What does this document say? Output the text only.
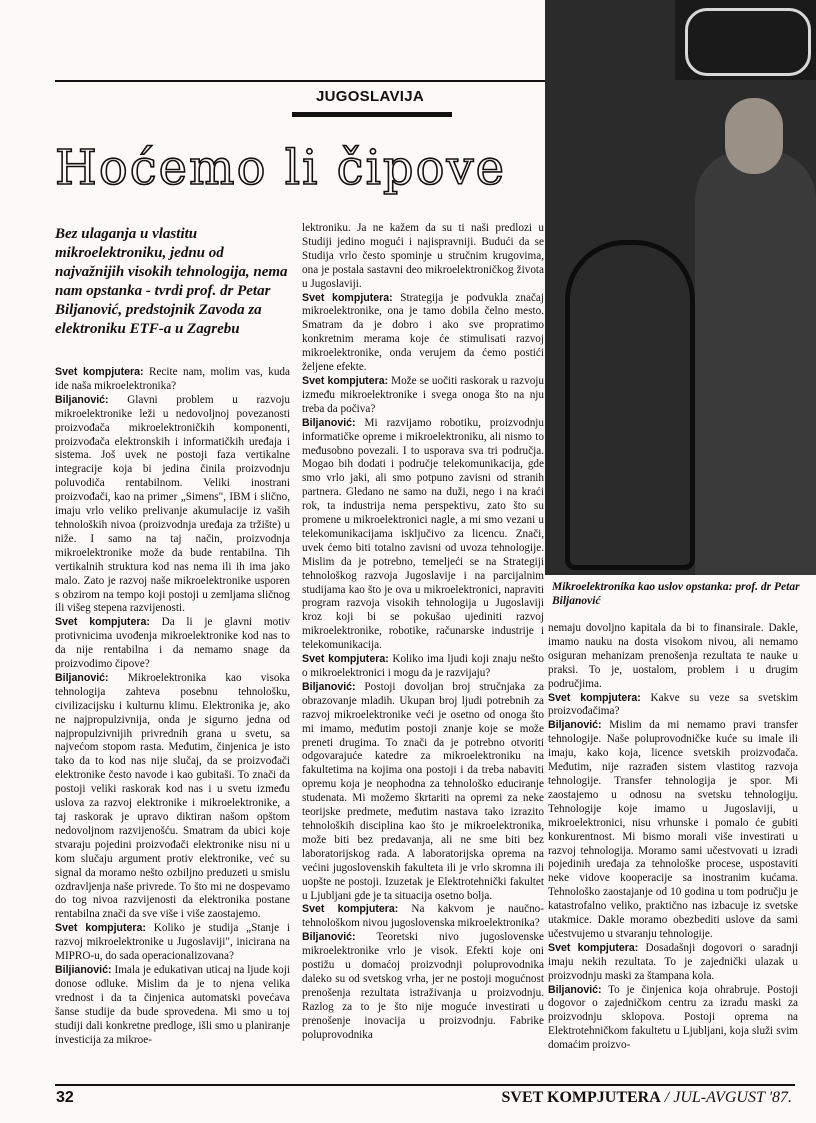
JUGOSLAVIJA
Hoćemo li čipove
Bez ulaganja u vlastitu mikroelektroniku, jednu od najvažnijih visokih tehnologija, nema nam opstanka - tvrdi prof. dr Petar Biljanović, predstojnik Zavoda za elektroniku ETF-a u Zagrebu

Svet kompjutera: Recite nam, molim vas, kuda ide naša mikroelektronika?

Biljanović: Glavni problem u razvoju mikroelektronike leži u nedovoljnoj povezanosti proizvođača mikroelektroničkih komponenti, proizvođača elektronskih i informatičkih uređaja i sistema. Još uvek ne postoji faza vertikalne integracije koja bi jedina činila proizvodnju poluvodiča rentabilnom. Veliki inostrani proizvođači, kao na primer „Simens", IBM i slično, imaju vrlo veliko prelivanje akumulacije iz vaših tehnoloških nivoa (proizvodnja uređaja za tržište) u niže. I samo na taj način, proizvodnja mikroelektronike može da bude rentabilna. Tih vertikalnih struktura kod nas nema ili ih ima jako malo. Zato je razvoj naše mikroelektronike usporen s obzirom na tempo koji postoji u zemljama sličnog ili višeg stepena razvijenosti.

Svet kompjutera: Da li je glavni motiv protivnicima uvođenja mikroelektronike kod nas to da nije rentabilna i da nemamo snage da proizvodimo čipove?

Biljanović: Mikroelektronika kao visoka tehnologija zahteva posebnu tehnološku, civilizacijsku i kulturnu klimu. Elektronika je, ako ne najpropulzivnija, onda je sigurno jedna od najpropulzivnijih privrednih grana u svetu, sa najvećom stopom rasta. Međutim, činjenica je isto tako da to kod nas nije slučaj, da se proizvođači elektronike često navode i kao gubitaši. To znači da postoji veliki raskorak kod nas i u svetu između uslova za razvoj elektronike i mikroelektronike, a taj raskorak je upravo diktiran našom opštom nedovoljnom razvijenošću. Smatram da ubici koje stvaraju pojedini proizvođači elektronike nisu ni u kom slučaju argument protiv elektronike, već su signal da moramo nešto ozbiljno preduzeti u smislu ozdravljenja naše privrede. To što mi ne dospevamo do tog nivoa razvijenosti da elektronika postane rentabilna znači da sve više i više zaostajemo.

Svet kompjutera: Koliko je studija „Stanje i razvoj mikroelektronike u Jugoslaviji", inicirana na MIPRO-u, do sada operacionalizovana?

Biljianović: Imala je edukativan uticaj na ljude koji donose odluke. Mislim da je to njena velika vrednost i da ta činjenica automatski povećava šanse studije da bude sprovedena. Mi smo u toj studiji dali konkretne predloge, išli smo u planiranje investicija za mikroe-

lektroniku. Ja ne kažem da su ti naši predlozi u Studiji jedino mogući i najispravniji. Budući da se Studija vrlo često spominje u stručnim krugovima, ona je postala sastavni deo mikroelektroničkog života u Jugoslaviji.

Svet kompjutera: Strategija je podvukla značaj mikroelektronike, ona je tamo dobila čelno mesto. Smatram da je dobro i ako sve propratimo konkretnim merama koje će stimulisati razvoj mikroelektronike, onda verujem da ćemo postići željene efekte.

Svet kompjutera: Može se uočiti raskorak u razvoju između mikroelektronike i svega onoga što na nju treba da počiva?

Biljanović: Mi razvijamo robotiku, proizvodnju informatičke opreme i mikroelektroniku, ali nismo to međusobno povezali. I to usporava sva tri područja. Mogao bih dodati i područje telekomunikacija, gde smo vrlo jaki, ali smo potpuno zavisni od stranih partnera. Gledano ne samo na duži, nego i na kraći rok, ta industrija nema perspektivu, zato što su promene u mikroelektronici nagle, a mi smo vezani u telekomunikacijama isključivo za licencu. Znači, uvek ćemo biti totalno zavisni od uvoza tehnologije. Mislim da je potrebno, temeljeći se na Strategiji tehnološkog razvoja Jugoslavije i na parcijalnim studijama kao što je ova u mikroelektronici, napraviti program razvoja visokih tehnologija u Jugoslaviji kroz koji bi se pokušao ujediniti razvoj mikroelektronike, robotike, računarske industrije i telekomunikacija.

Svet kompjutera: Koliko ima ljudi koji znaju nešto o mikroelektronici i mogu da je razvijaju?

Biljanović: Postoji dovoljan broj stručnjaka za obrazovanje mladih. Ukupan broj ljudi potrebnih za razvoj mikroelektronike veći je osetno od onoga što mi imamo, međutim postoji znanje koje se može preneti drugima. To znači da je potrebno otvoriti odgovarajuće katedre za mikroelektroniku na fakultetima na kojima ona postoji i da treba nabaviti opremu koja je neophodna za tehnološko educiranje studenata. Mi možemo škrtariti na opremi za neke teorijske predmete, međutim nastava tako izrazito tehnoloških disciplina kao što je mikroelektronika, može biti bez predavanja, ali ne sme biti bez laboratorijskog rada. A laboratorijska oprema na većini jugoslovenskih fakulteta ili je vrlo skromna ili uopšte ne postoji. Izuzetak je Elektrotehnički fakultet u Ljubljani gde je ta situacija osetno bolja.

Svet kompjutera: Na kakvom je naučno-tehnološkom nivou jugoslovenska mikroelektronika?

Biljanović: Teoretski nivo jugoslovenske mikroelektronike vrlo je visok. Efekti koje oni postižu u domaćoj proizvodnji poluprovodnika daleko su od svetskog vrha, jer ne postoji mogućnost prenošenja rezultata istraživanja u proizvodnju. Razlog za to je što nije moguće investirati u prenošenje inovacija u proizvodnju. Fabrike poluprovodnika

nemaju dovoljno kapitala da bi to finansirale. Dakle, imamo nauku na dosta visokom nivou, ali nemamo osiguran mehanizam prenošenja rezultata te nauke u praksi. To je, uostalom, problem i u drugim područjima.

Svet kompjutera: Kakve su veze sa svetskim proizvođačima?

Biljanović: Mislim da mi nemamo pravi transfer tehnologije. Naše poluprovodničke kuće su imale ili imaju, kako koja, licence svetskih proizvođača. Međutim, nije razrađen sistem vlastitog razvoja tehnologije. Transfer tehnologija je spor. Mi zaostajemo u odnosu na svetsku tehnologiju. Tehnologije koje imamo u Jugoslaviji, u mikroelektronici, nisu vrhunske i pomalo će gubiti konkurentnost. Mi bismo morali više investirati u razvoj tehnologija. Moramo sami učestvovati u izradi pojedinih uređaja za tehnološke procese, uspostaviti neke vidove kooperacije sa inostranim kućama. Tehnološko zaostajanje od 10 godina u tom području je katastrofalno veliko, praktično nas izbacuje iz svetske utakmice. Dakle moramo obezbediti uslove da sami učestvujemo u stvaranju tehnologije.

Svet kompjutera: Dosadašnji dogovori o saradnji imaju nekih rezultata. To je zajednički ulazak u proizvodnju maski za štampana kola.

Biljanović: To je činjenica koja ohrabruje. Postoji dogovor o zajedničkom centru za izradu maski za proizvodnju sklopova. Postoji oprema na Elektrotehničkom fakultetu u Ljubljani, koja služi svim domaćim proizvo-

Mikroelektronika kao uslov opstanka: prof. dr Petar Biljanović
32	SVET KOMPJUTERA / JUL-AVGUST '87.
